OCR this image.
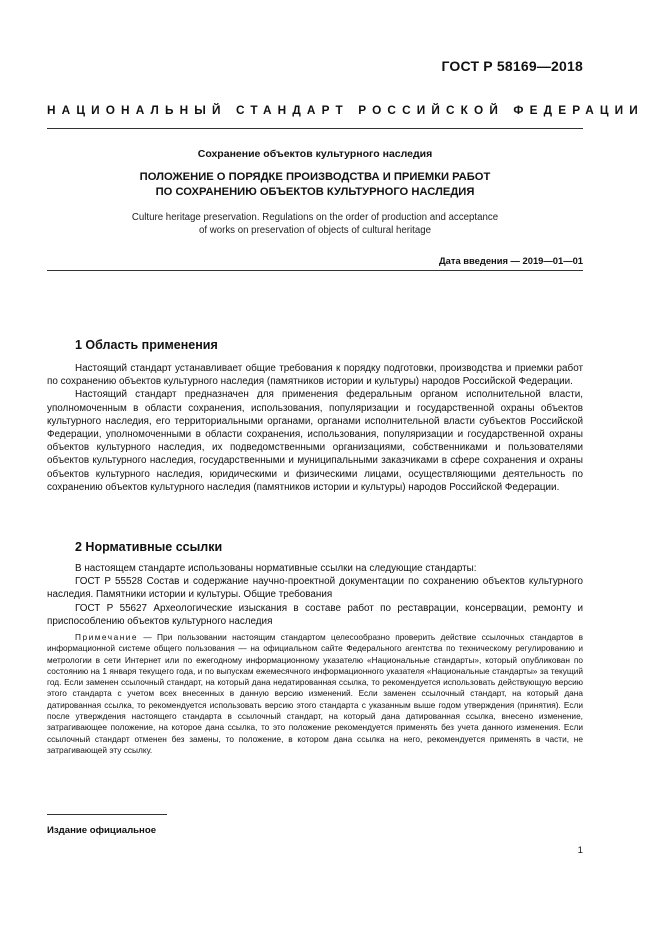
ГОСТ Р 58169—2018
НАЦИОНАЛЬНЫЙ СТАНДАРТ РОССИЙСКОЙ ФЕДЕРАЦИИ
Сохранение объектов культурного наследия
ПОЛОЖЕНИЕ О ПОРЯДКЕ ПРОИЗВОДСТВА И ПРИЕМКИ РАБОТ
ПО СОХРАНЕНИЮ ОБЪЕКТОВ КУЛЬТУРНОГО НАСЛЕДИЯ
Culture heritage preservation. Regulations on the order of production and acceptance
of works on preservation of objects of cultural heritage
Дата введения — 2019—01—01
1 Область применения

Настоящий стандарт устанавливает общие требования к порядку подготовки, производства и приемки работ по сохранению объектов культурного наследия (памятников истории и культуры) народов Российской Федерации.

Настоящий стандарт предназначен для применения федеральным органом исполнительной власти, уполномоченным в области сохранения, использования, популяризации и государственной охраны объектов культурного наследия, его территориальными органами, органами исполнительной власти субъектов Российской Федерации, уполномоченными в области сохранения, использования, популяризации и государственной охраны объектов культурного наследия, их подведомственными организациями, собственниками и пользователями объектов культурного наследия, государственными и муниципальными заказчиками в сфере сохранения и охраны объектов культурного наследия, юридическими и физическими лицами, осуществляющими деятельность по сохранению объектов культурного наследия (памятников истории и культуры) народов Российской Федерации.

2 Нормативные ссылки

В настоящем стандарте использованы нормативные ссылки на следующие стандарты:

ГОСТ Р 55528 Состав и содержание научно-проектной документации по сохранению объектов культурного наследия. Памятники истории и культуры. Общие требования

ГОСТ Р 55627 Археологические изыскания в составе работ по реставрации, консервации, ремонту и приспособлению объектов культурного наследия

Примечание — При пользовании настоящим стандартом целесообразно проверить действие ссылочных стандартов в информационной системе общего пользования — на официальном сайте Федерального агентства по техническому регулированию и метрологии в сети Интернет или по ежегодному информационному указателю «Национальные стандарты», который опубликован по состоянию на 1 января текущего года, и по выпускам ежемесячного информационного указателя «Национальные стандарты» за текущий год. Если заменен ссылочный стандарт, на который дана недатированная ссылка, то рекомендуется использовать действующую версию этого стандарта с учетом всех внесенных в данную версию изменений. Если заменен ссылочный стандарт, на который дана датированная ссылка, то рекомендуется использовать версию этого стандарта с указанным выше годом утверждения (принятия). Если после утверждения настоящего стандарта в ссылочный стандарт, на который дана датированная ссылка, внесено изменение, затрагивающее положение, на которое дана ссылка, то это положение рекомендуется применять без учета данного изменения. Если ссылочный стандарт отменен без замены, то положение, в котором дана ссылка на него, рекомендуется применять в части, не затрагивающей эту ссылку.
Издание официальное
1
